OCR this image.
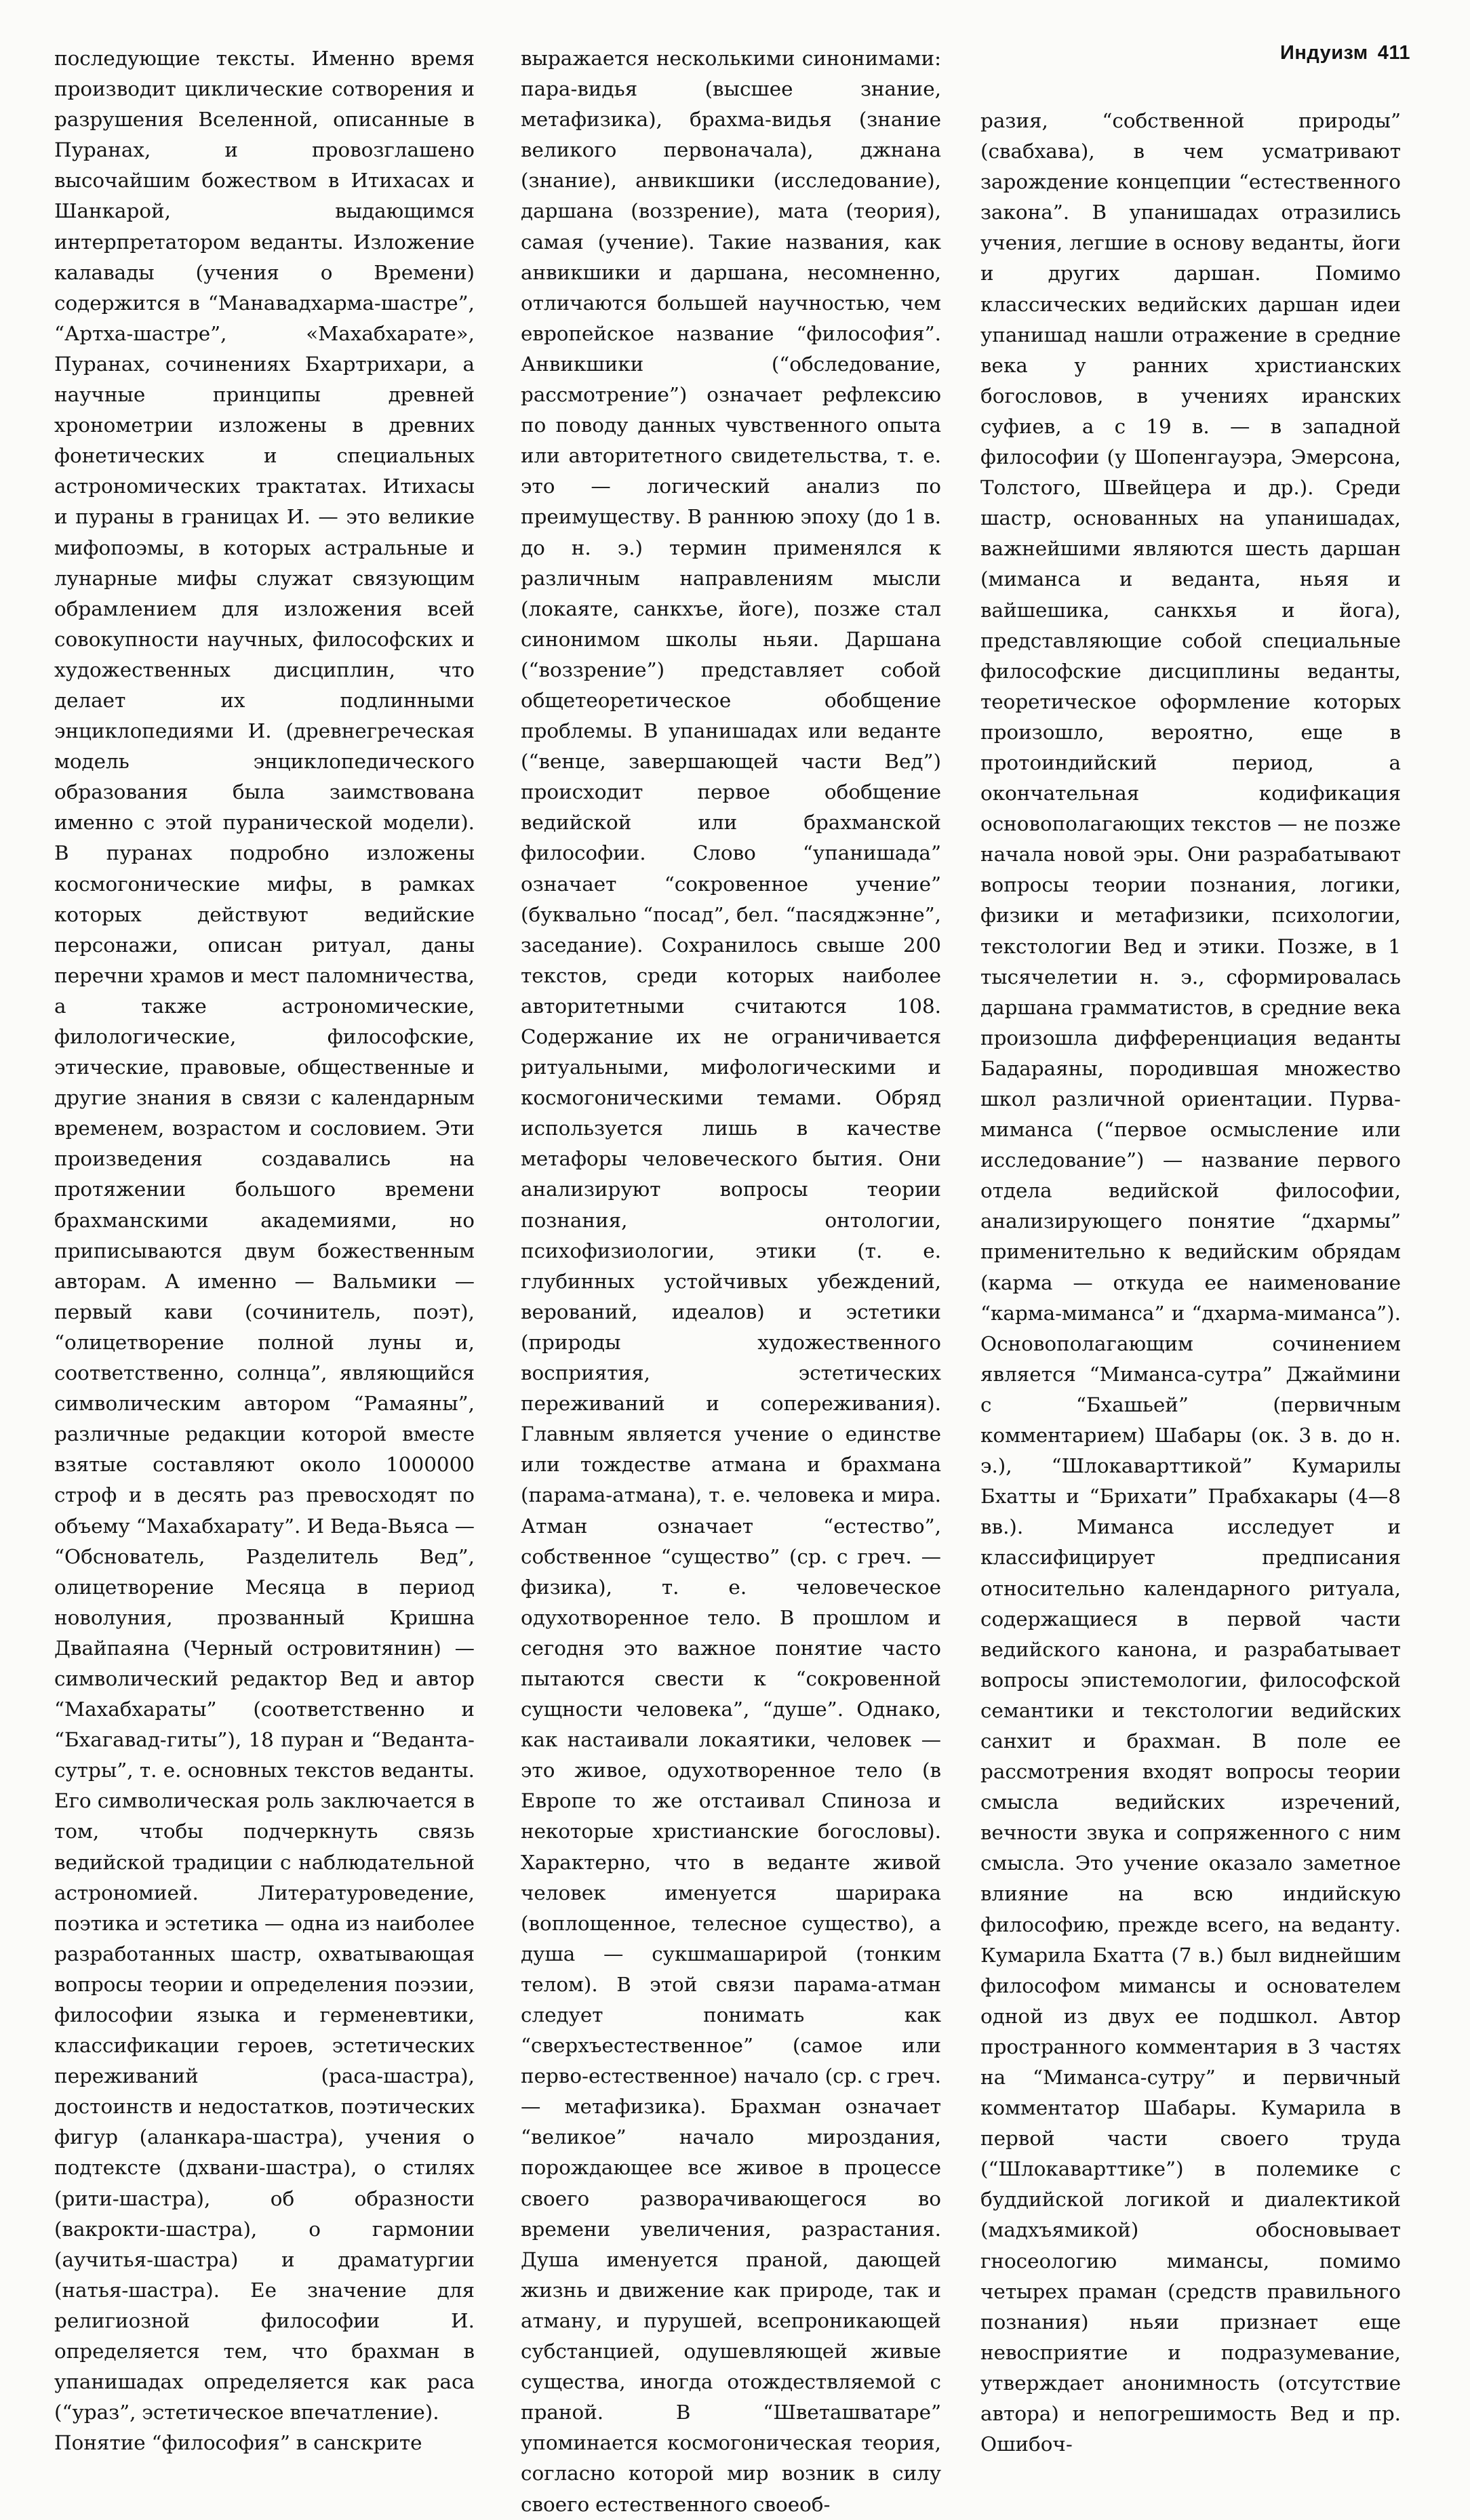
Индуизм 411

последующие тексты. Именно время производит циклические сотворения и разрушения Вселенной, описанные в Пуранах, и провозглашено высочайшим божеством в Итихасах и Шанкарой, выдающимся интерпретатором веданты. Изложение калавады (учения о Времени) содержится в “Манавадхарма-шастре”, “Артха-шастре”, «Махабхарате», Пуранах, сочинениях Бхартрихари, а научные принципы древней хронометрии изложены в древних фонетических и специальных астрономических трактатах. Итихасы и пураны в границах И. — это великие мифопоэмы, в которых астральные и лунарные мифы служат связующим обрамлением для изложения всей совокупности научных, философских и художественных дисциплин, что делает их подлинными энциклопедиями И. (древнегреческая модель энциклопедического образования была заимствована именно с этой пуранической модели). В пуранах подробно изложены космогонические мифы, в рамках которых действуют ведийские персонажи, описан ритуал, даны перечни храмов и мест паломничества, а также астрономические, филологические, философские, этические, правовые, общественные и другие знания в связи с календарным временем, возрастом и сословием. Эти произведения создавались на протяжении большого времени брахманскими академиями, но приписываются двум божественным авторам. А именно — Вальмики — первый кави (сочинитель, поэт), “олицетворение полной луны и, соответственно, солнца”, являющийся символическим автором “Рамаяны”, различные редакции которой вместе взятые составляют около 1000000 строф и в десять раз превосходят по объему “Махабхарату”. И Веда-Вьяса — “Обснователь, Разделитель Вед”, олицетворение Месяца в период новолуния, прозванный Кришна Двайпаяна (Черный островитянин) — символический редактор Вед и автор “Махабхараты” (соответственно и “Бхагавад-гиты”), 18 пуран и “Веданта-сутры”, т. е. основных текстов веданты. Его символическая роль заключается в том, чтобы подчеркнуть связь ведийской традиции с наблюдательной астрономией. Литературоведение, поэтика и эстетика — одна из наиболее разработанных шастр, охватывающая вопросы теории и определения поэзии, философии языка и герменевтики, классификации героев, эстетических переживаний (раса-шастра), достоинств и недостатков, поэтических фигур (аланкара-шастра), учения о подтексте (дхвани-шастра), о стилях (рити-шастра), об образности (вакрокти-шастра), о гармонии (аучитья-шастра) и драматургии (натья-шастра). Ее значение для религиозной философии И. определяется тем, что брахман в упанишадах определяется как раса (“ураз”, эстетическое впечатление).

Понятие “философия” в санскрите

выражается несколькими синонимами: пара-видья (высшее знание, метафизика), брахма-видья (знание великого первоначала), джнана (знание), анвикшики (исследование), даршана (воззрение), мата (теория), самая (учение). Такие названия, как анвикшики и даршана, несомненно, отличаются большей научностью, чем европейское название “философия”. Анвикшики (“обследование, рассмотрение”) означает рефлексию по поводу данных чувственного опыта или авторитетного свидетельства, т. е. это — логический анализ по преимуществу. В раннюю эпоху (до 1 в. до н. э.) термин применялся к различным направлениям мысли (локаяте, санкхъе, йоге), позже стал синонимом школы ньяи. Даршана (“воззрение”) представляет собой общетеоретическое обобщение проблемы. В упанишадах или веданте (“венце, завершающей части Вед”) происходит первое обобщение ведийской или брахманской философии. Слово “упанишада” означает “сокровенное учение” (буквально “посад”, бел. “пасяджэнне”, заседание). Сохранилось свыше 200 текстов, среди которых наиболее авторитетными считаются 108. Содержание их не ограничивается ритуальными, мифологическими и космогоническими темами. Обряд используется лишь в качестве метафоры человеческого бытия. Они анализируют вопросы теории познания, онтологии, психофизиологии, этики (т. е. глубинных устойчивых убеждений, верований, идеалов) и эстетики (природы художественного восприятия, эстетических переживаний и сопереживания). Главным является учение о единстве или тождестве атмана и брахмана (парама-атмана), т. е. человека и мира. Атман означает “естество”, собственное “существо” (ср. с греч. — физика), т. е. человеческое одухотворенное тело. В прошлом и сегодня это важное понятие часто пытаются свести к “сокровенной сущности человека”, “душе”. Однако, как настаивали локаятики, человек — это живое, одухотворенное тело (в Европе то же отстаивал Спиноза и некоторые христианские богословы). Характерно, что в веданте живой человек именуется шарирака (воплощенное, телесное существо), а душа — сукшмашарирой (тонким телом). В этой связи парама-атман следует понимать как “сверхъестественное” (самое или перво-естественное) начало (ср. с греч. — метафизика). Брахман означает “великое” начало мироздания, порождающее все живое в процессе своего разворачивающегося во времени увеличения, разрастания. Душа именуется праной, дающей жизнь и движение как природе, так и атману, и пурушей, всепроникающей субстанцией, одушевляющей живые существа, иногда отождествляемой с праной. В “Шветашватаре” упоминается космогоническая теория, согласно которой мир возник в силу своего естественного своеоб-

разия, “собственной природы” (свабхава), в чем усматривают зарождение концепции “естественного закона”. В упанишадах отразились учения, легшие в основу веданты, йоги и других даршан. Помимо классических ведийских даршан идеи упанишад нашли отражение в средние века у ранних христианских богословов, в учениях иранских суфиев, а с 19 в. — в западной философии (у Шопенгауэра, Эмерсона, Толстого, Швейцера и др.). Среди шастр, основанных на упанишадах, важнейшими являются шесть даршан (миманса и веданта, ньяя и вайшешика, санкхья и йога), представляющие собой специальные философские дисциплины веданты, теоретическое оформление которых произошло, вероятно, еще в протоиндийский период, а окончательная кодификация основополагающих текстов — не позже начала новой эры. Они разрабатывают вопросы теории познания, логики, физики и метафизики, психологии, текстологии Вед и этики. Позже, в 1 тысячелетии н. э., сформировалась даршана грамматистов, в средние века произошла дифференциация веданты Бадараяны, породившая множество школ различной ориентации. Пурва-миманса (“первое осмысление или исследование”) — название первого отдела ведийской философии, анализирующего понятие “дхармы” применительно к ведийским обрядам (карма — откуда ее наименование “карма-миманса” и “дхарма-миманса”). Основополагающим сочинением является “Миманса-сутра” Джаймини с “Бхашьей” (первичным комментарием) Шабары (ок. 3 в. до н. э.), “Шлокаварттикой” Кумарилы Бхатты и “Брихати” Прабхакары (4—8 вв.). Миманса исследует и классифицирует предписания относительно календарного ритуала, содержащиеся в первой части ведийского канона, и разрабатывает вопросы эпистемологии, философской семантики и текстологии ведийских санхит и брахман. В поле ее рассмотрения входят вопросы теории смысла ведийских изречений, вечности звука и сопряженного с ним смысла. Это учение оказало заметное влияние на всю индийскую философию, прежде всего, на веданту. Кумарила Бхатта (7 в.) был виднейшим философом мимансы и основателем одной из двух ее подшкол. Автор пространного комментария в 3 частях на “Миманса-сутру” и первичный комментатор Шабары. Кумарила в первой части своего труда (“Шлокаварттике”) в полемике с буддийской логикой и диалектикой (мадхъямикой) обосновывает гносеологию мимансы, помимо четырех праман (средств правильного познания) ньяи признает еще невосприятие и подразумевание, утверждает анонимность (отсутствие автора) и непогрешимость Вед и пр. Ошибоч-
